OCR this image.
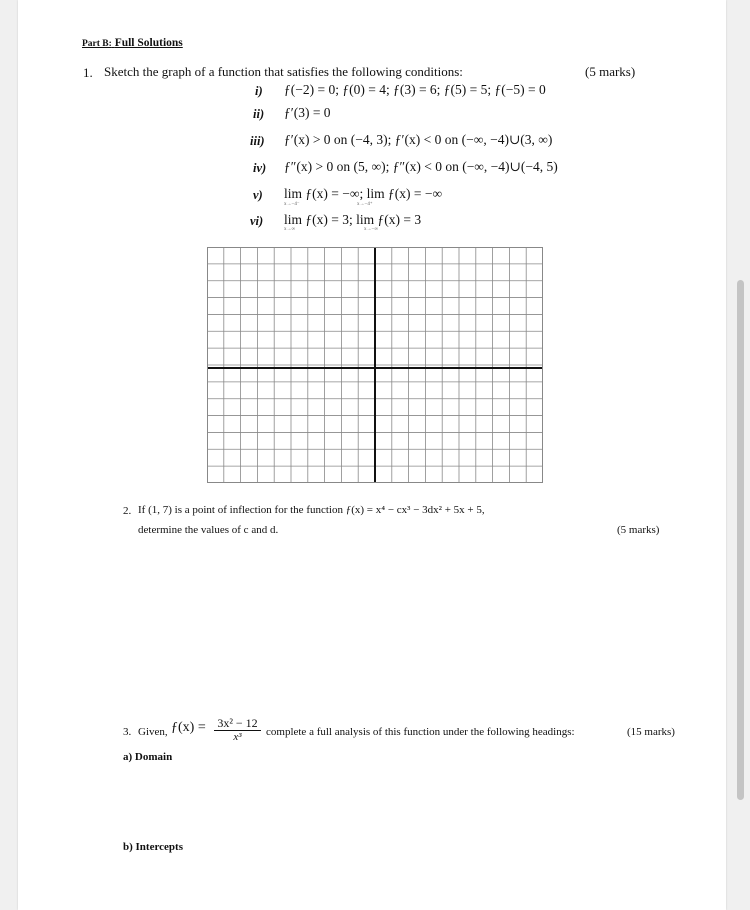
Part B: Full Solutions
1. Sketch the graph of a function that satisfies the following conditions:	(5 marks)
i) ƒ(−2) = 0; ƒ(0) = 4; ƒ(3) = 6; ƒ(5) = 5; ƒ(−5) = 0
ii) ƒ′(3) = 0
iii) ƒ′(x) > 0 on (−4, 3); ƒ′(x) < 0 on (−∞, −4)∪(3, ∞)
iv) ƒ″(x) > 0 on (5, ∞); ƒ″(x) < 0 on (−∞, −4)∪(−4, 5)
v) lim ƒ(x) = −∞; lim ƒ(x) = −∞
x→−4⁻	x→−4⁺
vi) lim ƒ(x) = 3; lim ƒ(x) = 3
x→∞	x→−∞
2. If (1, 7) is a point of inflection for the function ƒ(x) = x⁴ − cx³ − 3dx² + 5x + 5,
determine the values of c and d.	(5 marks)
3. Given, ƒ(x) = $\frac{\text{3x² − 12}}{\text{x³}}$ complete a full analysis of this function under the following headings:	(15 marks)
a) Domain
b) Intercepts
